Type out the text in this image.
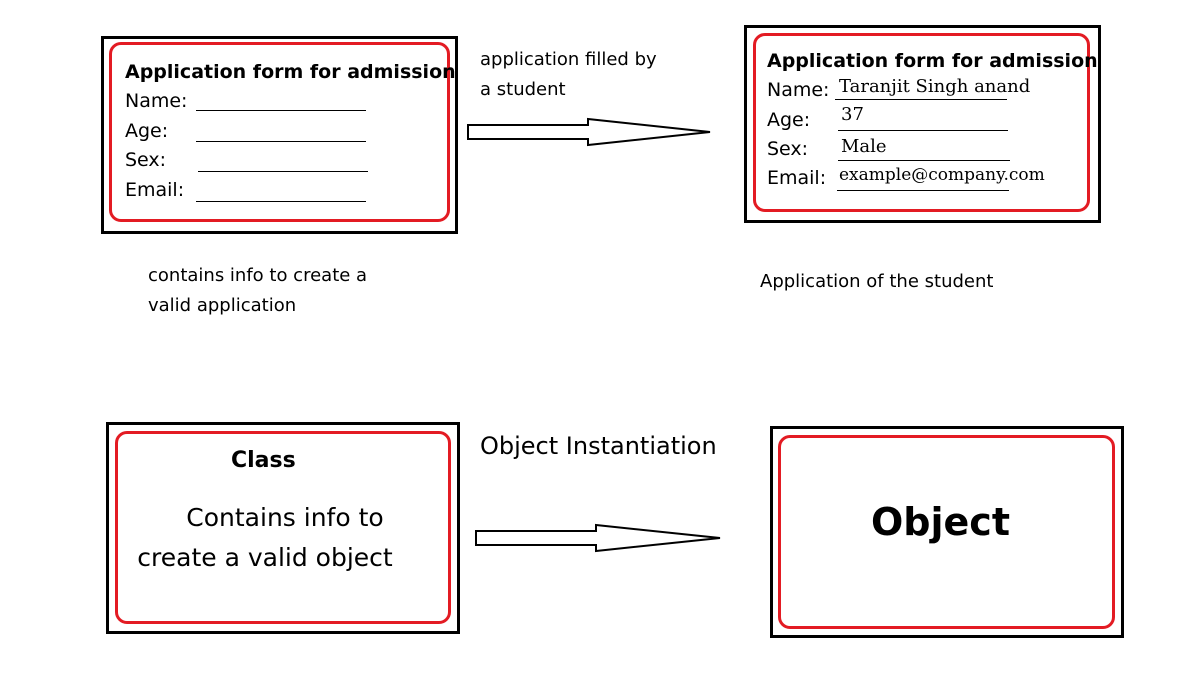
Application form for admission
Name:
Age:
Sex:
Email:
application filled by
a student
Application form for admission
Name: Taranjit Singh anand
Age: 37
Sex: Male
Email: example@company.com
contains info to create a
valid application
Application of the student
Class
Contains info to
create a valid object
Object Instantiation
Object
